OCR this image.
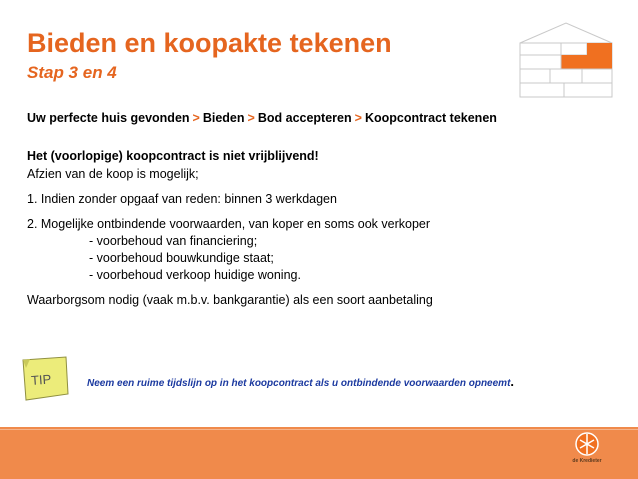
Bieden en koopakte tekenen
Stap 3 en 4
Uw perfecte huis gevonden > Bieden > Bod accepteren > Koopcontract tekenen

Het (voorlopige) koopcontract is niet vrijblijvend!

Afzien van de koop is mogelijk;

1. Indien zonder opgaaf van reden: binnen 3 werkdagen

2. Mogelijke ontbindende voorwaarden, van koper en soms ook verkoper

- voorbehoud van financiering;

- voorbehoud bouwkundige staat;

- voorbehoud verkoop huidige woning.

Waarborgsom nodig (vaak m.b.v. bankgarantie) als een soort aanbetaling

TIP	Neem een ruime tijdslijn op in het koopcontract als u ontbindende voorwaarden opneemt.
de Kredieter
